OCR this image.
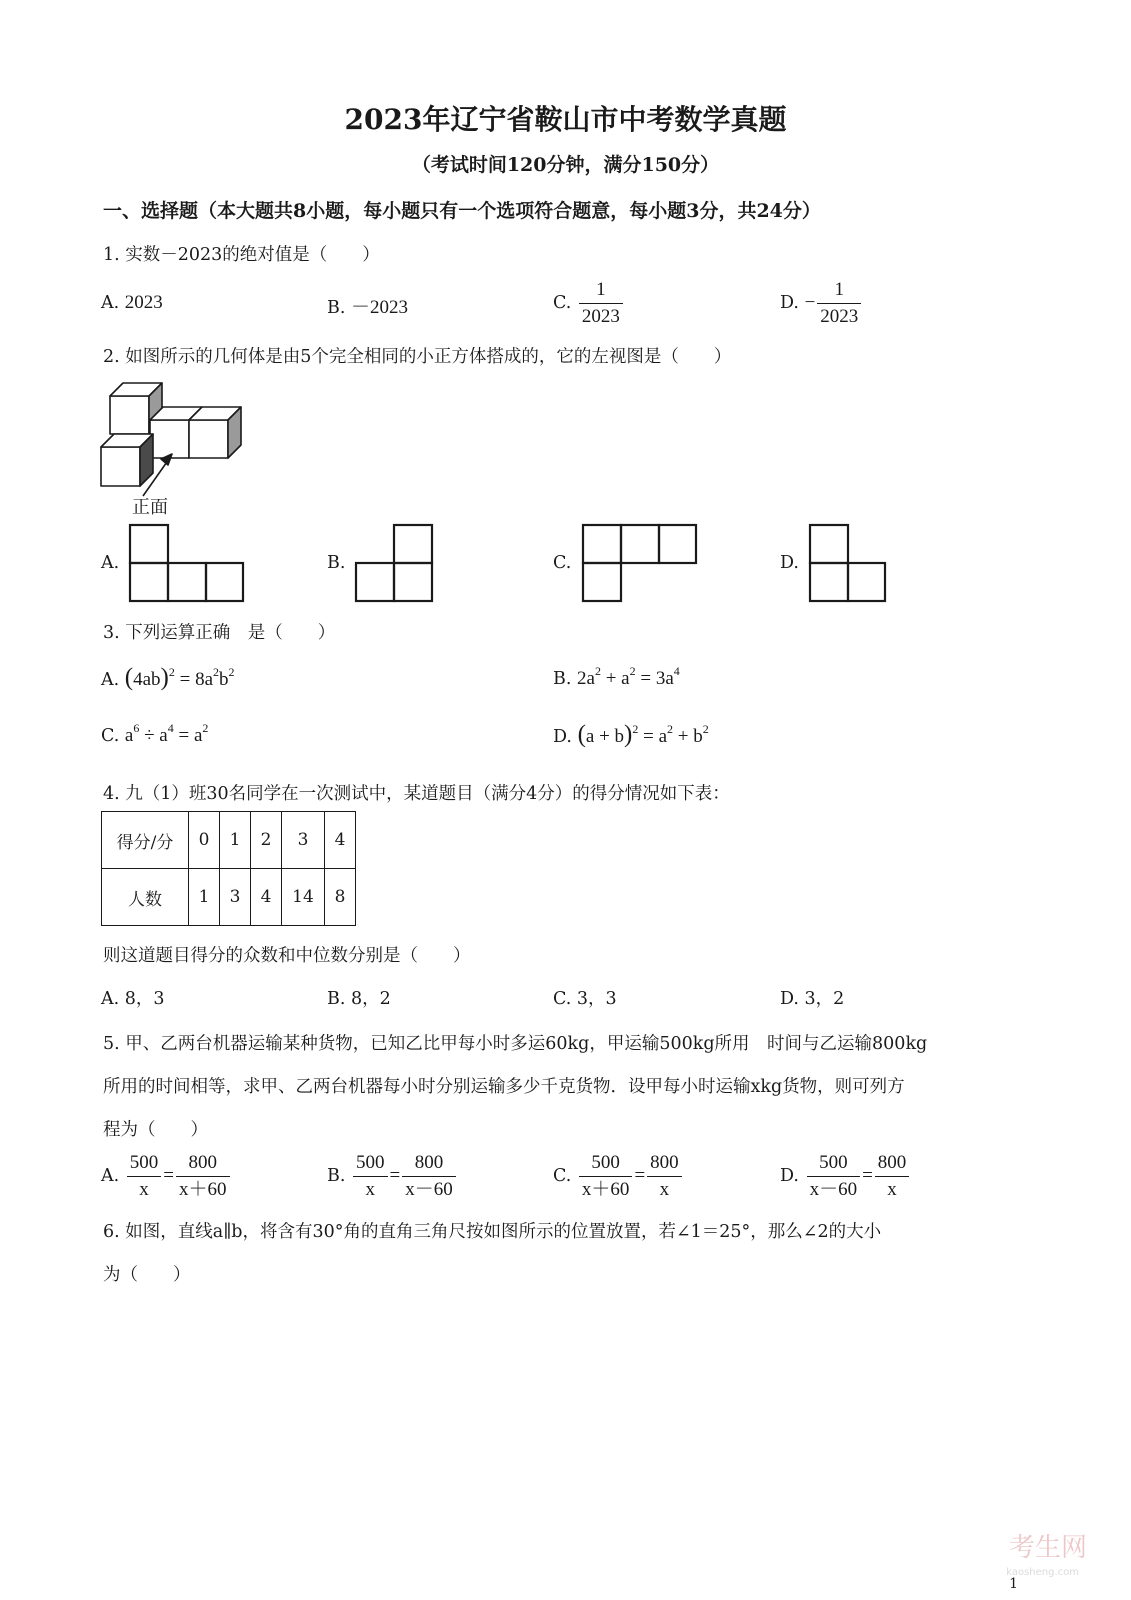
2023年辽宁省鞍山市中考数学真题
（考试时间120分钟，满分150分）
一、选择题（本大题共8小题，每小题只有一个选项符合题意，每小题3分，共24分）
1. 实数－2023的绝对值是（　　）
A. 2023	B. －2023	C. $\frac{1}{2023}$	D. − $\frac{1}{2023}$
2. 如图所示的几何体是由5个完全相同的小正方体搭成的，它的左视图是（　　）
正面
A.	B.	C.	D.
3. 下列运算正确　是（　　）
A. $(4ab)^2 = 8a^2b^2$	B. $2a^2 + a^2 = 3a^4$
C. $a^6 \div a^4 = a^2$	D. $(a + b)^2 = a^2 + b^2$
4. 九（1）班30名同学在一次测试中，某道题目（满分4分）的得分情况如下表：
得分/分	0	1	2	3	4
人数	1	3	4	14	8
则这道题目得分的众数和中位数分别是（　　）
A. 8，3	B. 8，2	C. 3，3	D. 3，2
5. 甲、乙两台机器运输某种货物，已知乙比甲每小时多运60kg，甲运输500kg所用　时间与乙运输800kg
所用的时间相等，求甲、乙两台机器每小时分别运输多少千克货物．设甲每小时运输xkg货物，则可列方
程为（　　）
A. $\frac{500}{x} = \frac{800}{x+60}$	B. $\frac{500}{x} = \frac{800}{x-60}$	C. $\frac{500}{x+60} = \frac{800}{x}$	D. $\frac{500}{x-60} = \frac{800}{x}$
6. 如图，直线a∥b，将含有30°角的直角三角尺按如图所示的位置放置，若∠1＝25°，那么∠2的大小
为（　　）
考生网
kaosheng.com
1
